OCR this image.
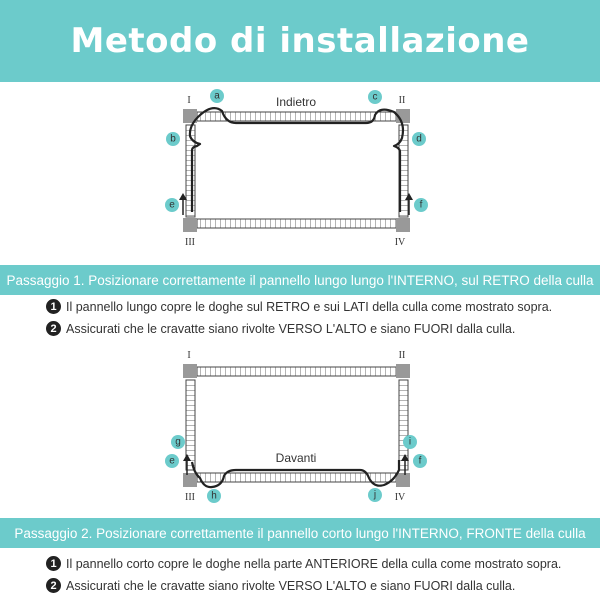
Metodo di installazione
I	II
III	IV
Indietro
a
b
c
d
e	f
Passaggio 1. Posizionare correttamente il pannello lungo lungo l'INTERNO, sul RETRO della culla
1 Il pannello lungo copre le doghe sul RETRO e sui LATI della culla come mostrato sopra.
2 Assicurati che le cravatte siano rivolte VERSO L'ALTO e siano FUORI dalla culla.
I	II
III	IV
Davanti
g
e
h
i
f
j
Passaggio 2. Posizionare correttamente il pannello corto lungo l'INTERNO, FRONTE della culla
1 Il pannello corto copre le doghe nella parte ANTERIORE della culla come mostrato sopra.
2 Assicurati che le cravatte siano rivolte VERSO L'ALTO e siano FUORI dalla culla.
